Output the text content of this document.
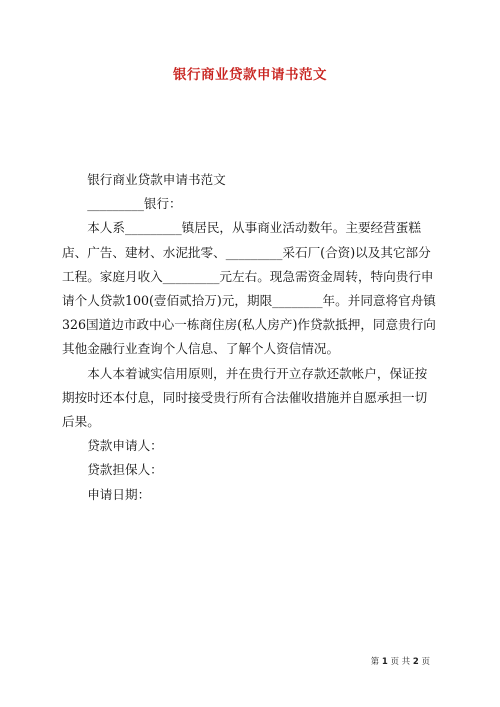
银行商业贷款申请书范文

银行商业贷款申请书范文

_________银行：

本人系_________镇居民，从事商业活动数年。主要经营蛋糕店、广告、建材、水泥批零、_________采石厂(合资)以及其它部分工程。家庭月收入_________元左右。现急需资金周转，特向贵行申请个人贷款100(壹佰贰拾万)元，期限________年。并同意将官舟镇326国道边市政中心一栋商住房(私人房产)作贷款抵押，同意贵行向其他金融行业查询个人信息、了解个人资信情况。

本人本着诚实信用原则，并在贵行开立存款还款帐户，保证按期按时还本付息，同时接受贵行所有合法催收措施并自愿承担一切后果。

贷款申请人：

贷款担保人：

申请日期：

第 1 页 共 2 页
